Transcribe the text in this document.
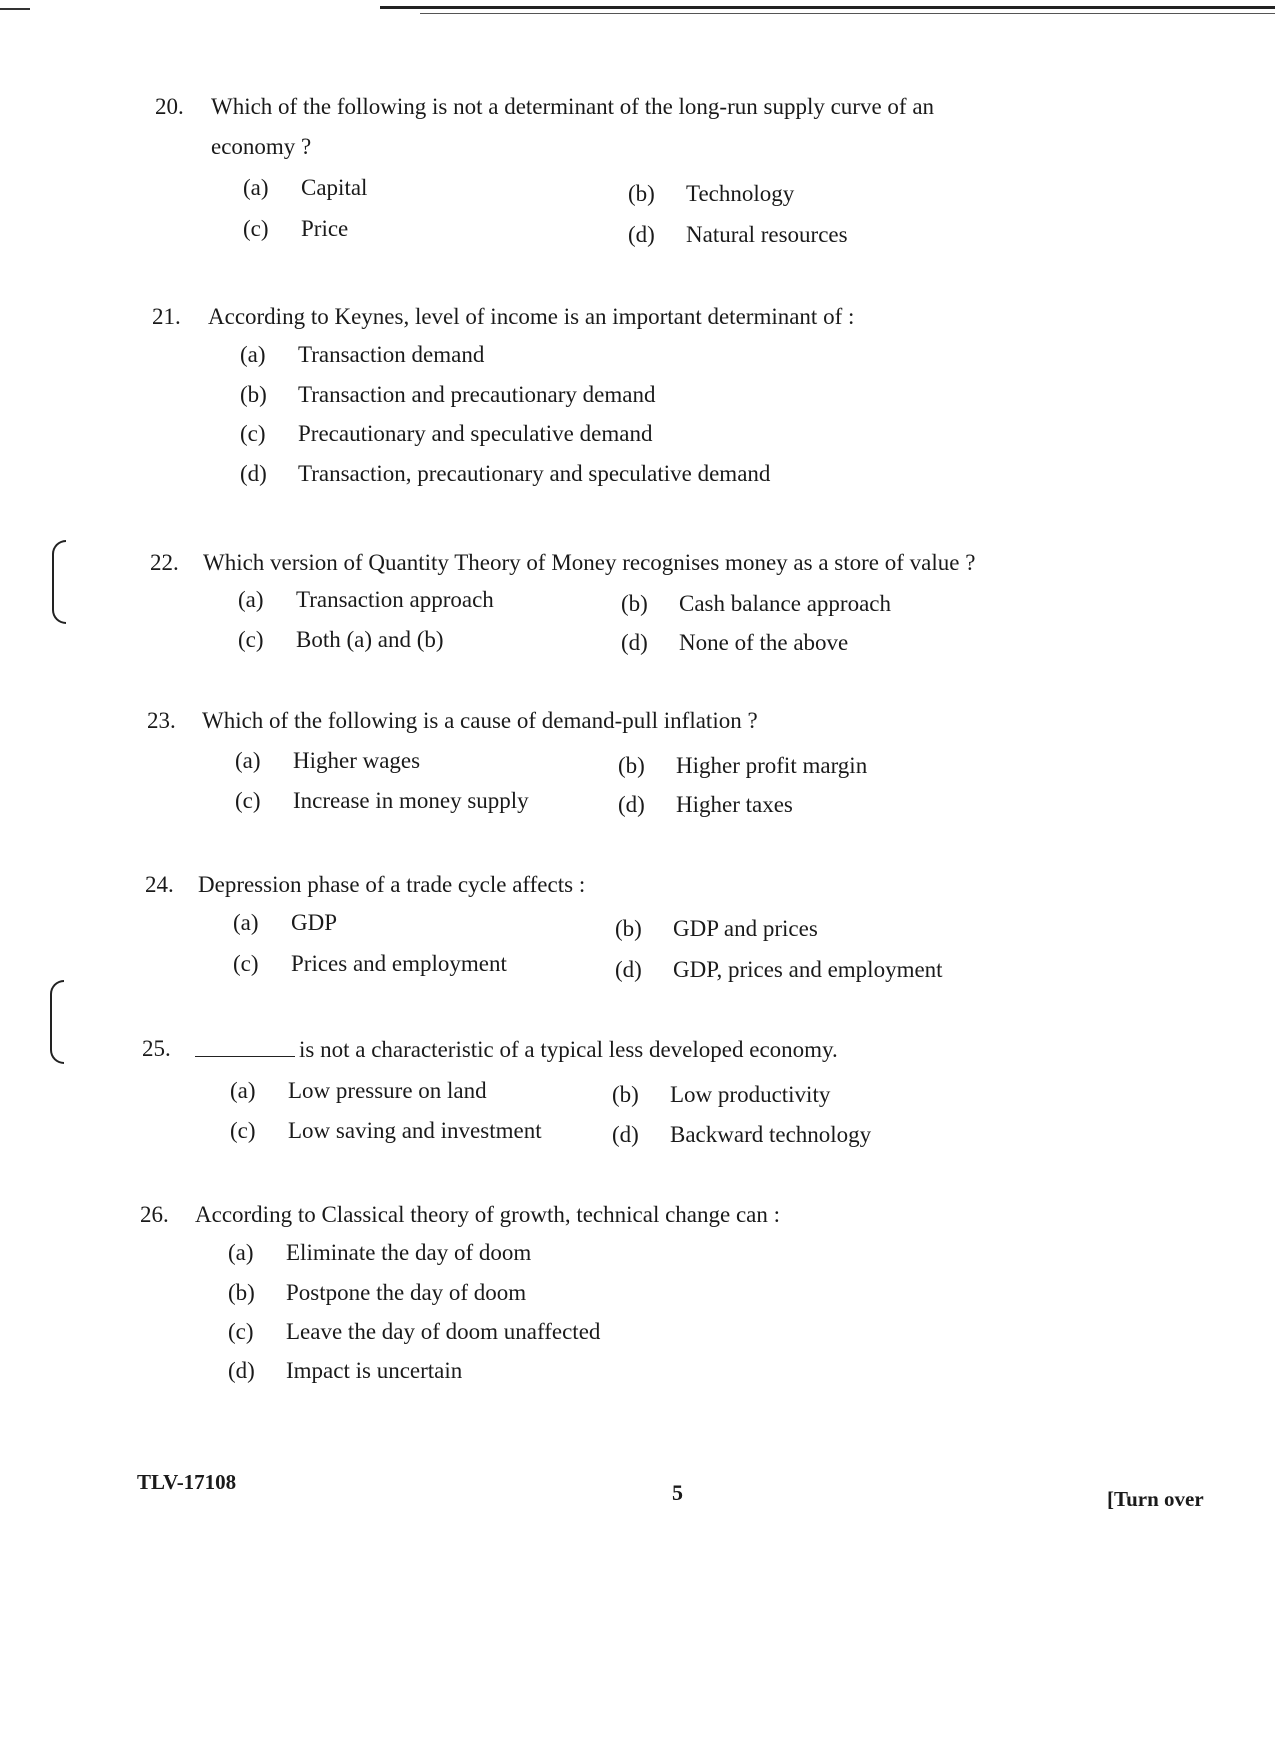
20. Which of the following is not a determinant of the long-run supply curve of an
economy ?
(a) Capital	(b) Technology
(c) Price	(d) Natural resources
21. According to Keynes, level of income is an important determinant of :
(a) Transaction demand
(b) Transaction and precautionary demand
(c) Precautionary and speculative demand
(d) Transaction, precautionary and speculative demand
22. Which version of Quantity Theory of Money recognises money as a store of value ?
(a) Transaction approach	(b) Cash balance approach
(c) Both (a) and (b)	(d) None of the above
23. Which of the following is a cause of demand-pull inflation ?
(a) Higher wages	(b) Higher profit margin
(c) Increase in money supply	(d) Higher taxes
24. Depression phase of a trade cycle affects :
(a) GDP	(b) GDP and prices
(c) Prices and employment	(d) GDP, prices and employment
25.	is not a characteristic of a typical less developed economy.
(a) Low pressure on land	(b) Low productivity
(c) Low saving and investment	(d) Backward technology
26. According to Classical theory of growth, technical change can :
(a) Eliminate the day of doom
(b) Postpone the day of doom
(c) Leave the day of doom unaffected
(d) Impact is uncertain
TLV-17108	5	[Turn over
